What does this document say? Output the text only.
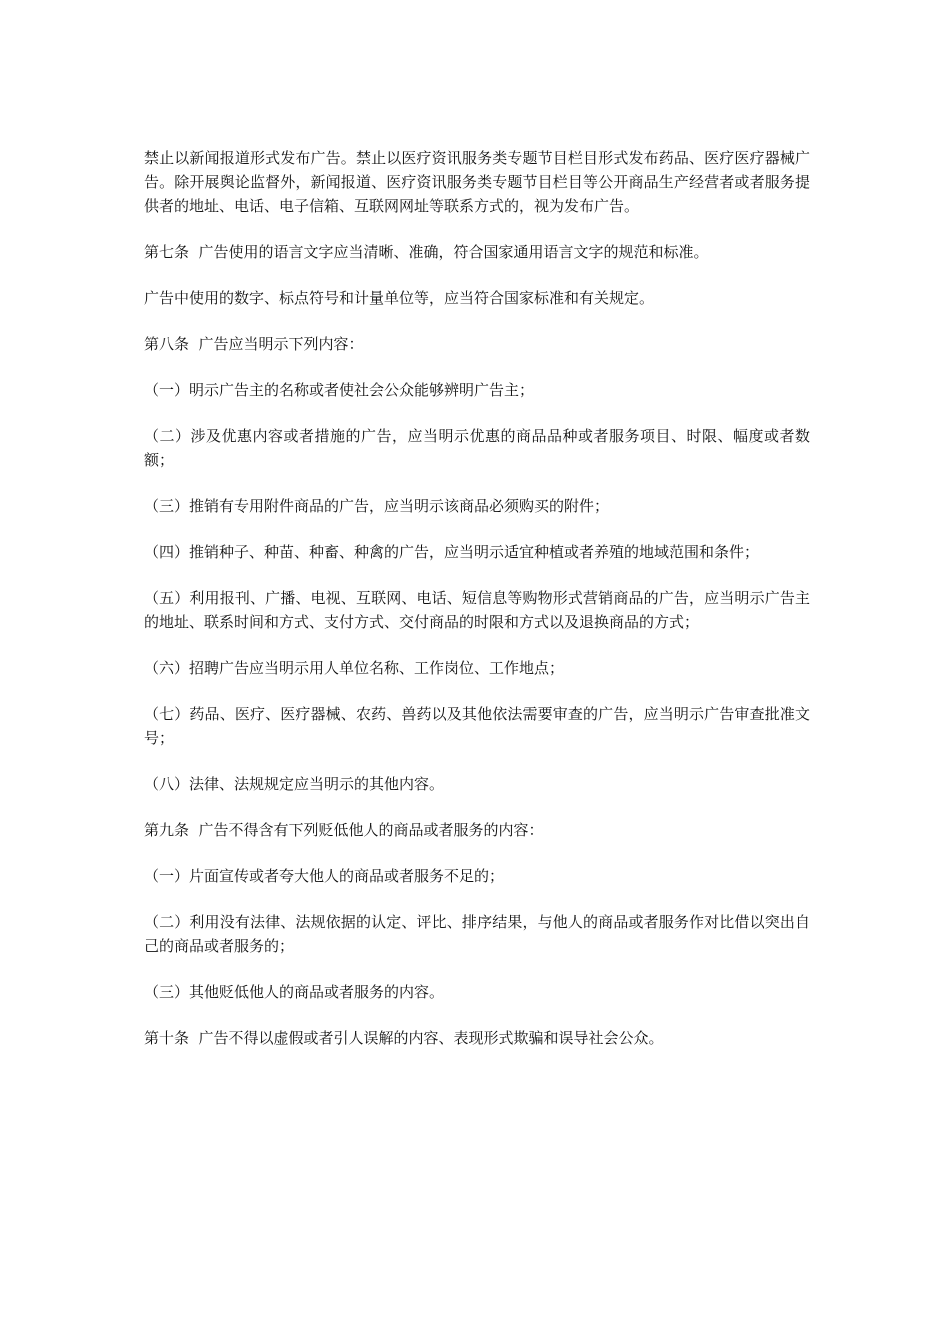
禁止以新闻报道形式发布广告。禁止以医疗资讯服务类专题节目栏目形式发布药品、医疗医疗器械广告。除开展舆论监督外，新闻报道、医疗资讯服务类专题节目栏目等公开商品生产经营者或者服务提供者的地址、电话、电子信箱、互联网网址等联系方式的，视为发布广告。

第七条  广告使用的语言文字应当清晰、准确，符合国家通用语言文字的规范和标准。

广告中使用的数字、标点符号和计量单位等，应当符合国家标准和有关规定。

第八条  广告应当明示下列内容：

（一）明示广告主的名称或者使社会公众能够辨明广告主；

（二）涉及优惠内容或者措施的广告，应当明示优惠的商品品种或者服务项目、时限、幅度或者数额；

（三）推销有专用附件商品的广告，应当明示该商品必须购买的附件；

（四）推销种子、种苗、种畜、种禽的广告，应当明示适宜种植或者养殖的地域范围和条件；

（五）利用报刊、广播、电视、互联网、电话、短信息等购物形式营销商品的广告，应当明示广告主的地址、联系时间和方式、支付方式、交付商品的时限和方式以及退换商品的方式；

（六）招聘广告应当明示用人单位名称、工作岗位、工作地点；

（七）药品、医疗、医疗器械、农药、兽药以及其他依法需要审查的广告，应当明示广告审查批准文号；

（八）法律、法规规定应当明示的其他内容。

第九条  广告不得含有下列贬低他人的商品或者服务的内容：

（一）片面宣传或者夸大他人的商品或者服务不足的；

（二）利用没有法律、法规依据的认定、评比、排序结果，与他人的商品或者服务作对比借以突出自己的商品或者服务的；

（三）其他贬低他人的商品或者服务的内容。

第十条  广告不得以虚假或者引人误解的内容、表现形式欺骗和误导社会公众。
